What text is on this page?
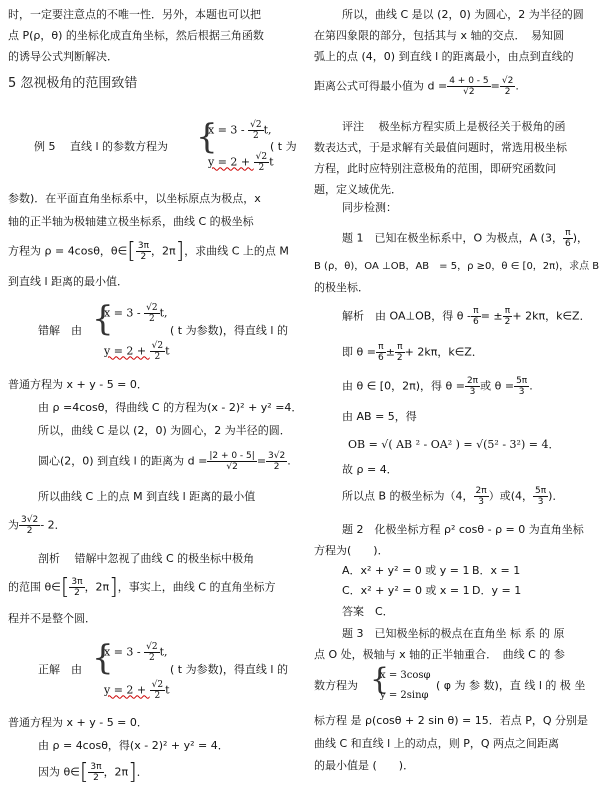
时，一定要注意点的不唯一性．另外，本题也可以把
点 P(ρ，θ) 的坐标化成直角坐标，然后根据三角函数
的诱导公式判断解决．
5 忽视极角的范围致错
例 5　 直线 l 的参数方程为 {
$x = 3 - \frac{√2}{2} t$,
$y = 2 + \frac{√2}{2}$ t
( t 为
参数)．在平面直角坐标系中，以坐标原点为极点，x
轴的正半轴为极轴建立极坐标系，曲线 C 的极坐标
方程为 ρ = 4cosθ，θ∈[ $\frac{3\pi}{2}$ ，2π]，求曲线 C 上的点 M
到直线 l 距离的最小值．
错解　由 {
$x = 3 - \frac{√2}{2} t$,
$y = 2 + \frac{√2}{2}$ t
( t 为参数)，得直线 l 的
普通方程为 x + y - 5 = 0．
由 ρ =4cosθ，得曲线 C 的方程为(x - 2)² + y² =4．
所以，曲线 C 是以 (2，0) 为圆心，2 为半径的圆．
圆心(2，0) 到直线 l 的距离为 $d = \frac{|2 + 0 - 5|}{√2} = \frac{3√2}{2}$ .
所以曲线 C 上的点 M 到直线 l 距离的最小值
为 $\frac{3√2}{2} - 2$．
剖析　 错解中忽视了曲线 C 的极坐标中极角
的范围 θ∈[ $\frac{3\pi}{2}$ ，2π]，事实上，曲线 C 的直角坐标方
程并不是整个圆．
正解　由 {
$x = 3 - \frac{√2}{2} t$,
$y = 2 + \frac{√2}{2}$ t
( t 为参数)，得直线 l 的
普通方程为 x + y - 5 = 0．
由 ρ = 4cosθ，得(x - 2)² + y² = 4．
因为 θ∈[ $\frac{3\pi}{2}$ ，2π]．
所以，曲线 C 是以 (2，0) 为圆心，2 为半径的圆
在第四象限的部分，包括其与 x 轴的交点．　易知圆
弧上的点 (4，0) 到直线 l 的距离最小，由点到直线的
距离公式可得最小值为 $d = \frac{4 + 0 - 5}{√2} = \frac{√2}{2}$ .
评注　 极坐标方程实质上是极径关于极角的函
数表达式，于是求解有关最值问题时，常选用极坐标
方程，此时应特别注意极角的范围，即研究函数问
题，定义域优先．
同步检测：
题 1　已知在极坐标系中，O 为极点，A (3， $\frac{\pi}{6}$ )，
B (ρ，θ)，OA ⊥OB，AB　= 5，ρ ≥0，θ ∈ [0，2π)，求点 B
的极坐标．
解析　由 OA⊥OB，得 θ - $\frac{\pi}{6}$ = ± $\frac{\pi}{2} + 2k\pi$，k∈Z．
即 $\theta = \frac{\pi}{6} \pm \frac{\pi}{2} + 2k\pi$，k∈Z．
由 θ ∈ [0，2π)，得 $\theta = \frac{2\pi}{3}$ 或 $\theta = \frac{5\pi}{3}$ .
由 AB = 5，得
OB = √( AB ² - OA² ) = √(5² - 3²) = 4．
故 ρ = 4．
所以点 B 的极坐标为（4， $\frac{2\pi}{3}$ ）或(4， $\frac{5\pi}{3}$ )．
题 2　化极坐标方程 ρ² cosθ - ρ = 0 为直角坐标
方程为(　　)．
A．x² + y² = 0 或 y = 1 B．x = 1
C．x² + y² = 0 或 x = 1 D．y = 1
答案　C．
题 3　已知极坐标的极点在直角坐 标 系 的 原
点 O 处，极轴与 x 轴的正半轴重合．　曲线 C 的 参
数方程为 {
x = 3cosφ
y = 2sinφ
( φ 为 参 数)，直 线 l 的 极 坐
标方程 是 ρ(cosθ + 2 sin θ) = 15．若点 P，Q 分别是
曲线 C 和直线 l 上的动点，则 P，Q 两点之间距离
的最小值是 (　　)．
